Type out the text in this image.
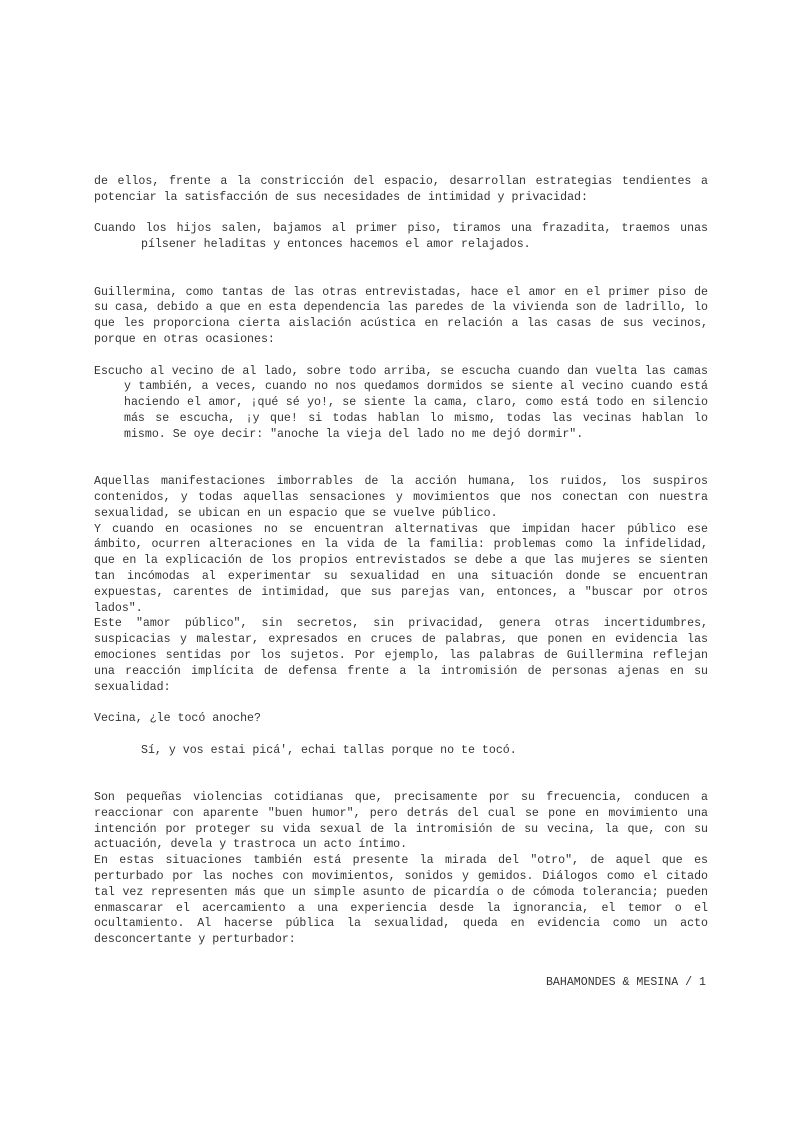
de ellos, frente a la constricción del espacio, desarrollan estrategias tendientes a potenciar la satisfacción de sus necesidades de intimidad y privacidad:

Cuando los hijos salen, bajamos al primer piso, tiramos una frazadita, traemos unas pílsener heladitas y entonces hacemos el amor relajados.

Guillermina, como tantas de las otras entrevistadas, hace el amor en el primer piso de su casa, debido a que en esta dependencia las paredes de la vivienda son de ladrillo, lo que les proporciona cierta aislación acústica en relación a las casas de sus vecinos, porque en otras ocasiones:

Escucho al vecino de al lado, sobre todo arriba, se escucha cuando dan vuelta las camas y también, a veces, cuando no nos quedamos dormidos se siente al vecino cuando está haciendo el amor, ¡qué sé yo!, se siente la cama, claro, como está todo en silencio más se escucha, ¡y que! si todas hablan lo mismo, todas las vecinas hablan lo mismo. Se oye decir: "anoche la vieja del lado no me dejó dormir".

Aquellas manifestaciones imborrables de la acción humana, los ruidos, los suspiros contenidos, y todas aquellas sensaciones y movimientos que nos conectan con nuestra sexualidad, se ubican en un espacio que se vuelve público.

Y cuando en ocasiones no se encuentran alternativas que impidan hacer público ese ámbito, ocurren alteraciones en la vida de la familia: problemas como la infidelidad, que en la explicación de los propios entrevistados se debe a que las mujeres se sienten tan incómodas al experimentar su sexualidad en una situación donde se encuentran expuestas, carentes de intimidad, que sus parejas van, entonces, a "buscar por otros lados".

Este "amor público", sin secretos, sin privacidad, genera otras incertidumbres, suspicacias y malestar, expresados en cruces de palabras, que ponen en evidencia las emociones sentidas por los sujetos. Por ejemplo, las palabras de Guillermina reflejan una reacción implícita de defensa frente a la intromisión de personas ajenas en su sexualidad:

Vecina, ¿le tocó anoche?

Sí, y vos estai picá', echai tallas porque no te tocó.

Son pequeñas violencias cotidianas que, precisamente por su frecuencia, conducen a reaccionar con aparente "buen humor", pero detrás del cual se pone en movimiento una intención por proteger su vida sexual de la intromisión de su vecina, la que, con su actuación, devela y trastroca un acto íntimo.

En estas situaciones también está presente la mirada del "otro", de aquel que es perturbado por las noches con movimientos, sonidos y gemidos. Diálogos como el citado tal vez representen más que un simple asunto de picardía o de cómoda tolerancia; pueden enmascarar el acercamiento a una experiencia desde la ignorancia, el temor o el ocultamiento. Al hacerse pública la sexualidad, queda en evidencia como un acto desconcertante y perturbador:

BAHAMONDES & MESINA / 1
